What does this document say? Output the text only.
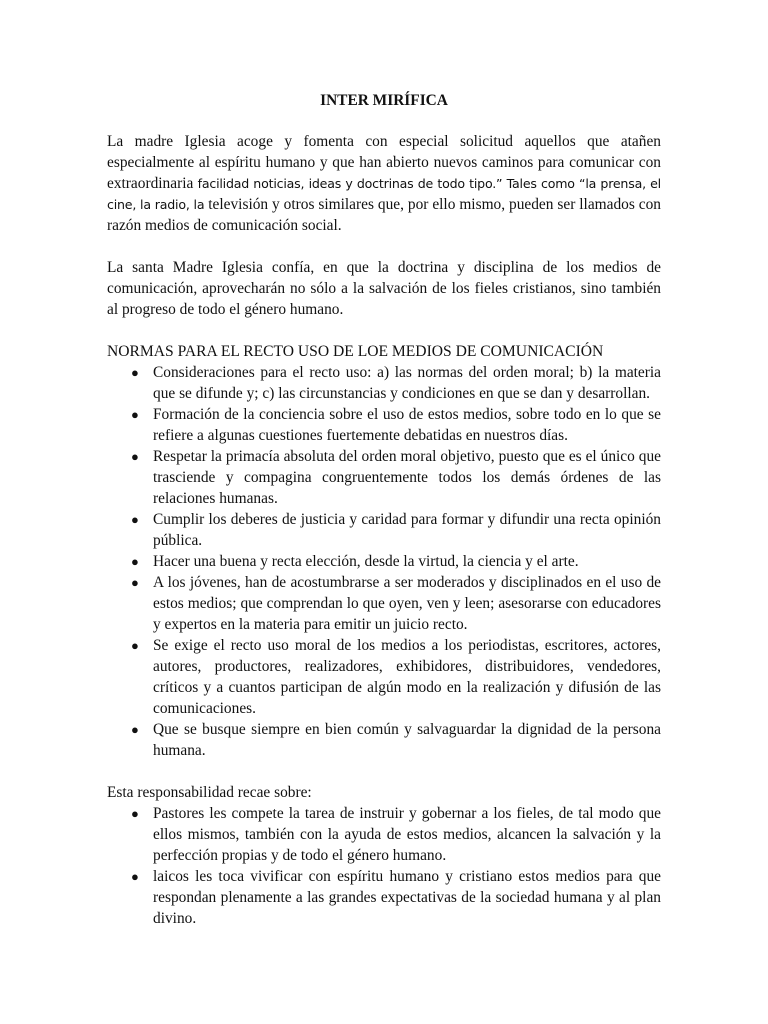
INTER MIRÍFICA

La madre Iglesia acoge y fomenta con especial solicitud aquellos que atañen especialmente al espíritu humano y que han abierto nuevos caminos para comunicar con extraordinaria facilidad noticias, ideas y doctrinas de todo tipo.” Tales como “la prensa, el cine, la radio, la televisión y otros similares que, por ello mismo, pueden ser llamados con razón medios de comunicación social.

La santa Madre Iglesia confía, en que la doctrina y disciplina de los medios de comunicación, aprovecharán no sólo a la salvación de los fieles cristianos, sino también al progreso de todo el género humano.

NORMAS PARA EL RECTO USO DE LOE MEDIOS DE COMUNICACIÓN

● Consideraciones para el recto uso: a) las normas del orden moral; b) la materia que se difunde y; c) las circunstancias y condiciones en que se dan y desarrollan.
● Formación de la conciencia sobre el uso de estos medios, sobre todo en lo que se refiere a algunas cuestiones fuertemente debatidas en nuestros días.
● Respetar la primacía absoluta del orden moral objetivo, puesto que es el único que trasciende y compagina congruentemente todos los demás órdenes de las relaciones humanas.
● Cumplir los deberes de justicia y caridad para formar y difundir una recta opinión pública.
● Hacer una buena y recta elección, desde la virtud, la ciencia y el arte.
● A los jóvenes, han de acostumbrarse a ser moderados y disciplinados en el uso de estos medios; que comprendan lo que oyen, ven y leen; asesorarse con educadores y expertos en la materia para emitir un juicio recto.
● Se exige el recto uso moral de los medios a los periodistas, escritores, actores, autores, productores, realizadores, exhibidores, distribuidores, vendedores, críticos y a cuantos participan de algún modo en la realización y difusión de las comunicaciones.
● Que se busque siempre en bien común y salvaguardar la dignidad de la persona humana.

Esta responsabilidad recae sobre:

● Pastores les compete la tarea de instruir y gobernar a los fieles, de tal modo que ellos mismos, también con la ayuda de estos medios, alcancen la salvación y la perfección propias y de todo el género humano.
● laicos les toca vivificar con espíritu humano y cristiano estos medios para que respondan plenamente a las grandes expectativas de la sociedad humana y al plan divino.
